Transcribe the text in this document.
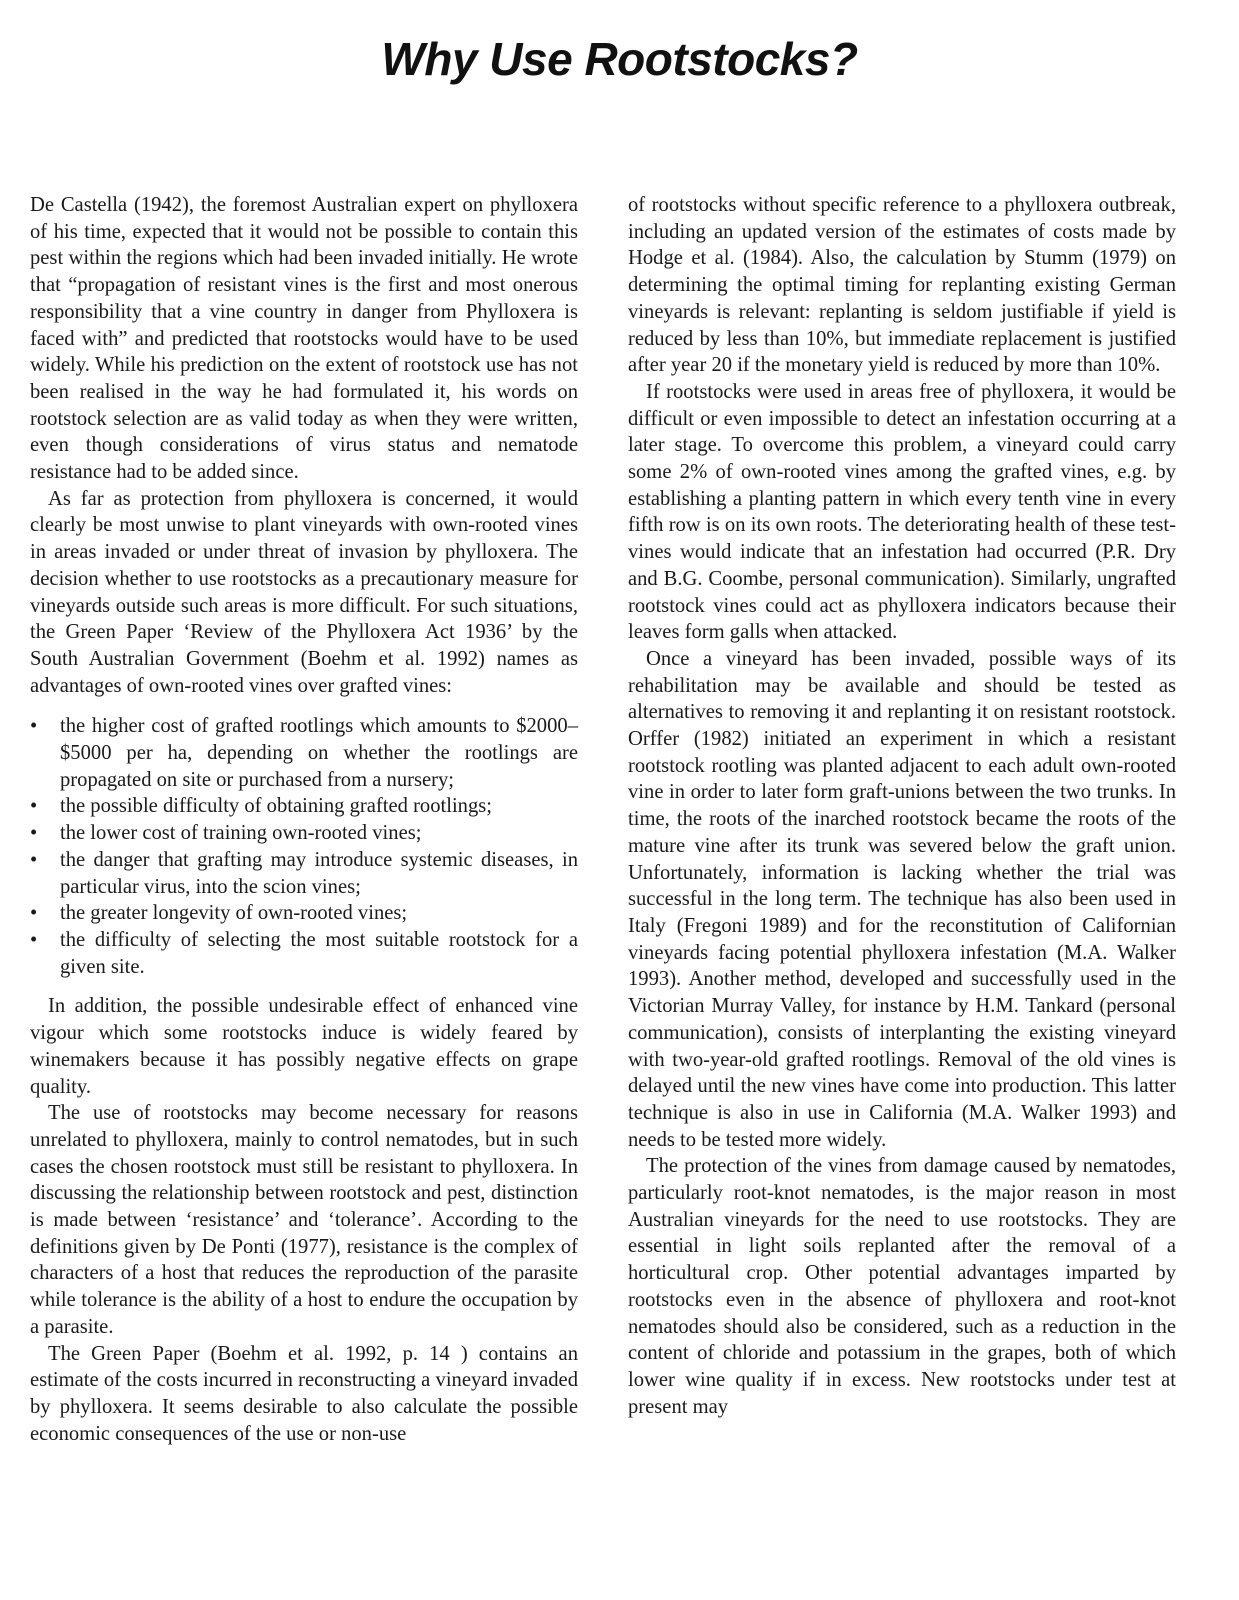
Why Use Rootstocks?

De Castella (1942), the foremost Australian expert on phylloxera of his time, expected that it would not be possible to contain this pest within the regions which had been invaded initially. He wrote that “propagation of resistant vines is the first and most onerous responsibility that a vine country in danger from Phylloxera is faced with” and predicted that rootstocks would have to be used widely. While his prediction on the extent of rootstock use has not been realised in the way he had formulated it, his words on rootstock selection are as valid today as when they were written, even though considerations of virus status and nematode resistance had to be added since.

As far as protection from phylloxera is concerned, it would clearly be most unwise to plant vineyards with own-rooted vines in areas invaded or under threat of invasion by phylloxera. The decision whether to use rootstocks as a precautionary measure for vineyards outside such areas is more difficult. For such situations, the Green Paper ‘Review of the Phylloxera Act 1936’ by the South Australian Government (Boehm et al. 1992) names as advantages of own-rooted vines over grafted vines:

• the higher cost of grafted rootlings which amounts to $2000–$5000 per ha, depending on whether the rootlings are propagated on site or purchased from a nursery;
• the possible difficulty of obtaining grafted rootlings;
• the lower cost of training own-rooted vines;
• the danger that grafting may introduce systemic diseases, in particular virus, into the scion vines;
• the greater longevity of own-rooted vines;
• the difficulty of selecting the most suitable rootstock for a given site.

In addition, the possible undesirable effect of enhanced vine vigour which some rootstocks induce is widely feared by winemakers because it has possibly negative effects on grape quality.

The use of rootstocks may become necessary for reasons unrelated to phylloxera, mainly to control nematodes, but in such cases the chosen rootstock must still be resistant to phylloxera. In discussing the relationship between rootstock and pest, distinction is made between ‘resistance’ and ‘tolerance’. According to the definitions given by De Ponti (1977), resistance is the complex of characters of a host that reduces the reproduction of the parasite while tolerance is the ability of a host to endure the occupation by a parasite.

The Green Paper (Boehm et al. 1992, p. 14 ) contains an estimate of the costs incurred in reconstructing a vineyard invaded by phylloxera. It seems desirable to also calculate the possible economic consequences of the use or non-use

of rootstocks without specific reference to a phylloxera outbreak, including an updated version of the estimates of costs made by Hodge et al. (1984). Also, the calculation by Stumm (1979) on determining the optimal timing for replanting existing German vineyards is relevant: replanting is seldom justifiable if yield is reduced by less than 10%, but immediate replacement is justified after year 20 if the monetary yield is reduced by more than 10%.

If rootstocks were used in areas free of phylloxera, it would be difficult or even impossible to detect an infestation occurring at a later stage. To overcome this problem, a vineyard could carry some 2% of own-rooted vines among the grafted vines, e.g. by establishing a planting pattern in which every tenth vine in every fifth row is on its own roots. The deteriorating health of these test-vines would indicate that an infestation had occurred (P.R. Dry and B.G. Coombe, personal communication). Similarly, ungrafted rootstock vines could act as phylloxera indicators because their leaves form galls when attacked.

Once a vineyard has been invaded, possible ways of its rehabilitation may be available and should be tested as alternatives to removing it and replanting it on resistant rootstock. Orffer (1982) initiated an experiment in which a resistant rootstock rootling was planted adjacent to each adult own-rooted vine in order to later form graft-unions between the two trunks. In time, the roots of the inarched rootstock became the roots of the mature vine after its trunk was severed below the graft union. Unfortunately, information is lacking whether the trial was successful in the long term. The technique has also been used in Italy (Fregoni 1989) and for the reconstitution of Californian vineyards facing potential phylloxera infestation (M.A. Walker 1993). Another method, developed and successfully used in the Victorian Murray Valley, for instance by H.M. Tankard (personal communication), consists of interplanting the existing vineyard with two-year-old grafted rootlings. Removal of the old vines is delayed until the new vines have come into production. This latter technique is also in use in California (M.A. Walker 1993) and needs to be tested more widely.

The protection of the vines from damage caused by nematodes, particularly root-knot nematodes, is the major reason in most Australian vineyards for the need to use rootstocks. They are essential in light soils replanted after the removal of a horticultural crop. Other potential advantages imparted by rootstocks even in the absence of phylloxera and root-knot nematodes should also be considered, such as a reduction in the content of chloride and potassium in the grapes, both of which lower wine quality if in excess. New rootstocks under test at present may
